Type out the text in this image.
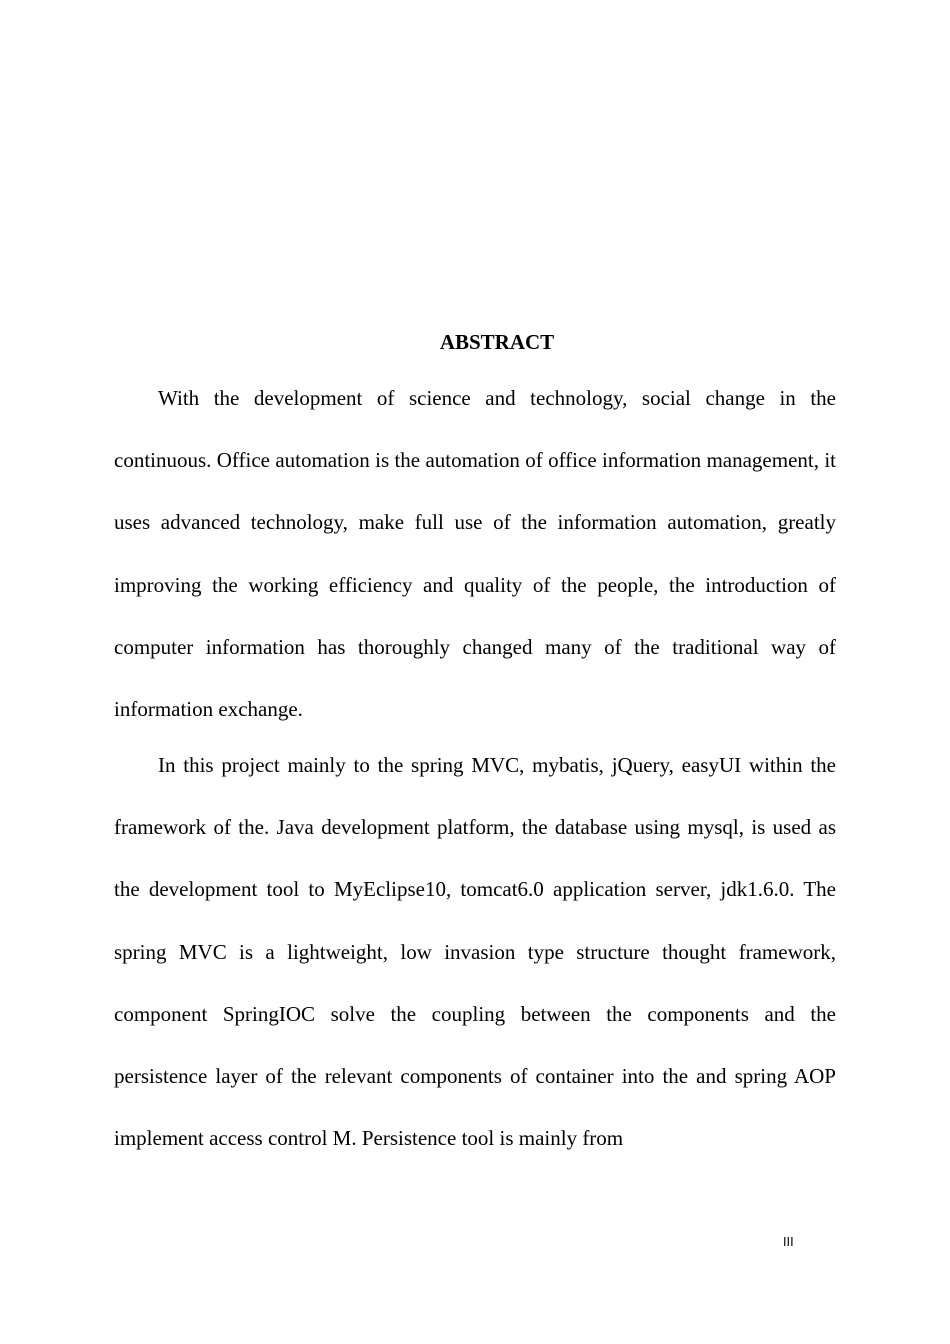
ABSTRACT

With the development of science and technology, social change in the continuous. Office automation is the automation of office information management, it uses advanced technology, make full use of the information automation, greatly improving the working efficiency and quality of the people, the introduction of computer information has thoroughly changed many of the traditional way of information exchange.

In this project mainly to the spring MVC, mybatis, jQuery, easyUI within the framework of the. Java development platform, the database using mysql, is used as the development tool to MyEclipse10, tomcat6.0 application server, jdk1.6.0. The spring MVC is a lightweight, low invasion type structure thought framework, component SpringIOC solve the coupling between the components and the persistence layer of the relevant components of container into the and spring AOP implement access control M. Persistence tool is mainly from

III
